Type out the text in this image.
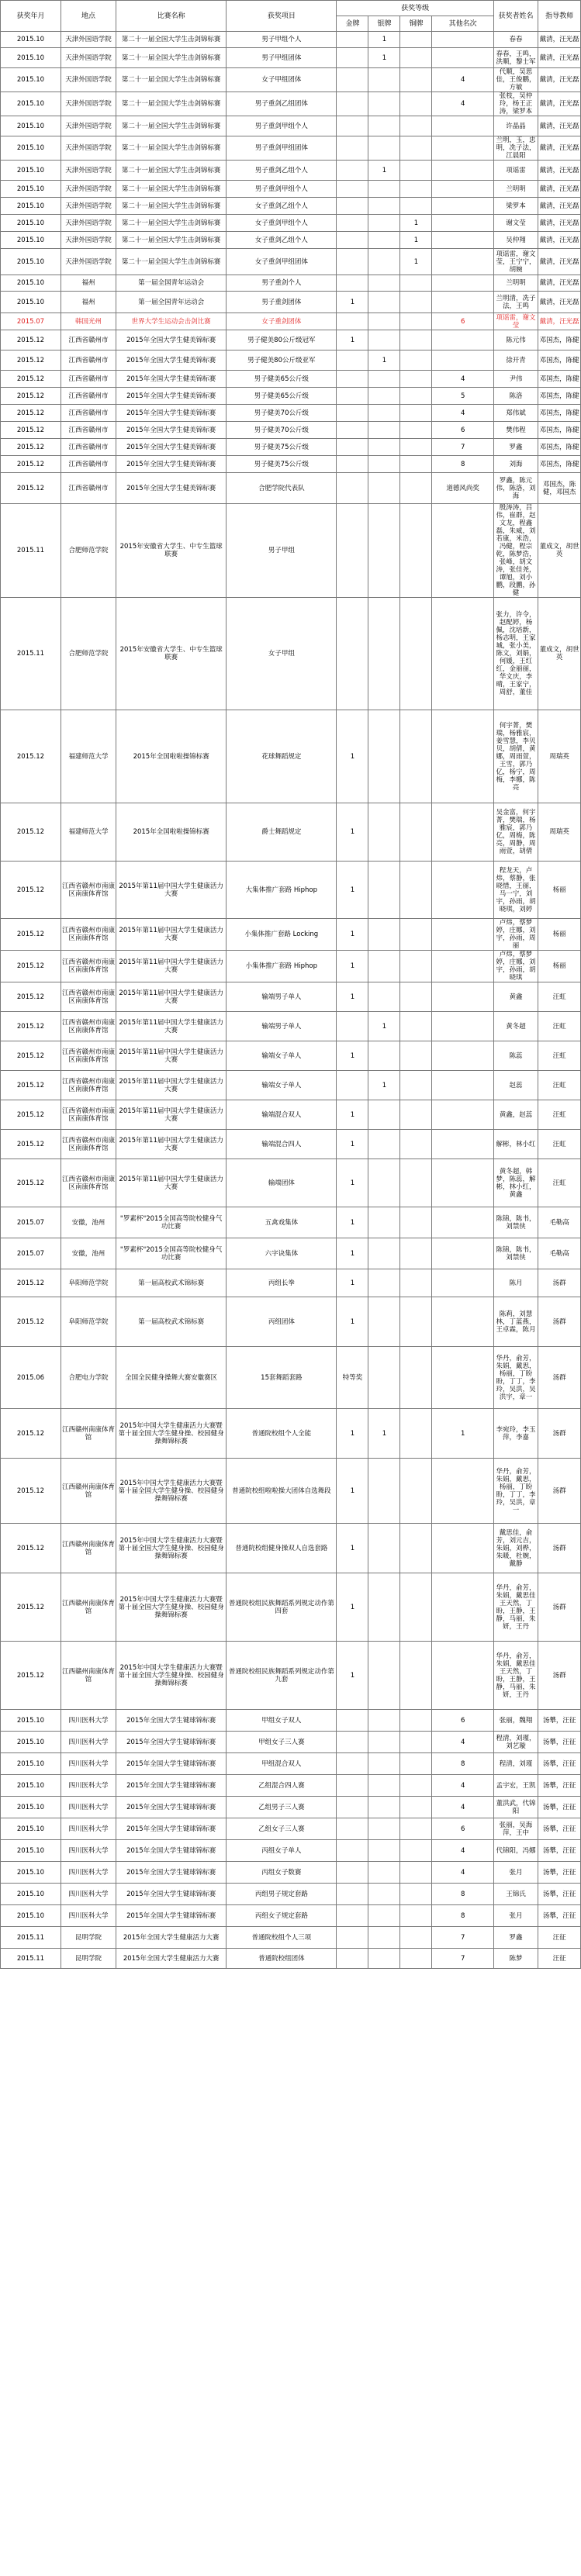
获奖年月	地点	比赛名称	获奖项目	获奖等级				获奖者姓名	指导教师
				金牌	银牌	铜牌	其他名次		
2015.10	天津外国语学院	第二十一届全国大学生击剑锦标赛	男子甲组个人		1			春春	戴清，汪光磊
2015.10	天津外国语学院	第二十一届全国大学生击剑锦标赛	男子甲组团体		1			春春，王鸣，洪顺，黎士军	戴清，汪光磊
2015.10	天津外国语学院	第二十一届全国大学生击剑锦标赛	女子甲组团体				4	代顺，吴思佳，王俊鹏，方敏	戴清，汪光磊
2015.10	天津外国语学院	第二十一届全国大学生击剑锦标赛	男子重剑乙组团体				4	张枝，吴仲玲，杨王正涛，梁罗本	戴清，汪光磊
2015.10	天津外国语学院	第二十一届全国大学生击剑锦标赛	男子重剑甲组个人					许晶晶	戴清，汪光磊
2015.10	天津外国语学院	第二十一届全国大学生击剑锦标赛	男子重剑甲组团体					兰明，玉，忠明，冼子法，江晨阳	戴清，汪光磊
2015.10	天津外国语学院	第二十一届全国大学生击剑锦标赛	男子重剑乙组个人		1			项谣雷	戴清，汪光磊
2015.10	天津外国语学院	第二十一届全国大学生击剑锦标赛	男子重剑甲组个人					兰明明	戴清，汪光磊
2015.10	天津外国语学院	第二十一届全国大学生击剑锦标赛	女子重剑乙组个人					梁罗本	戴清，汪光磊
2015.10	天津外国语学院	第二十一届全国大学生击剑锦标赛	女子重剑甲组个人			1		谢文莹	戴清，汪光磊
2015.10	天津外国语学院	第二十一届全国大学生击剑锦标赛	女子重剑乙组个人			1		吴仲翔	戴清，汪光磊
2015.10	天津外国语学院	第二十一届全国大学生击剑锦标赛	女子重剑甲组团体			1		项谣雷，谢文莹，王宁宁，胡婉	戴清，汪光磊
2015.10	福州	第一届全国青年运动会	男子重剑个人					兰明明	戴清，汪光磊
2015.10	福州	第一届全国青年运动会	男子重剑团体	1				兰明清，冼子法，王鸣	戴清，汪光磊
2015.07	韩国光州	世界大学生运动会击剑比赛	女子重剑团体				6	项谣雷，谢文莹	戴清，汪光磊
2015.12	江西省赣州市	2015年全国大学生健美锦标赛	男子健美80公斤级冠军	1				陈元伟	邓国杰，陈健
2015.12	江西省赣州市	2015年全国大学生健美锦标赛	男子健美80公斤级亚军		1			徐开青	邓国杰，陈健
2015.12	江西省赣州市	2015年全国大学生健美锦标赛	男子健美65公斤级				4	尹伟	邓国杰，陈健
2015.12	江西省赣州市	2015年全国大学生健美锦标赛	男子健美65公斤级				5	陈洛	邓国杰，陈健
2015.12	江西省赣州市	2015年全国大学生健美锦标赛	男子健美70公斤级				4	郑伟斌	邓国杰，陈健
2015.12	江西省赣州市	2015年全国大学生健美锦标赛	男子健美70公斤级				6	樊伟程	邓国杰，陈健
2015.12	江西省赣州市	2015年全国大学生健美锦标赛	男子健美75公斤级				7	罗鑫	邓国杰，陈健
2015.12	江西省赣州市	2015年全国大学生健美锦标赛	男子健美75公斤级				8	刘海	邓国杰，陈健
2015.12	江西省赣州市	2015年全国大学生健美锦标赛	合肥学院代表队				道德风尚奖	罗鑫，陈元伟，陈洛，刘海	邓国杰，陈健，邓国杰
2015.11	合肥师范学院	2015年安徽省大学生、中专生篮球联赛	男子甲组					殷涛涛，吕伟，崔群，赵文龙，程鑫磊，朱威，刘若康，米浩，冯健，程宗乾，陈梦浩，张峰，胡文涛，张佳尧，谭旭，刘小鹏，段鹏，孙健	董成文，胡世英
2015.11	合肥师范学院	2015年安徽省大学生、中专生篮球联赛	女子甲组					张力，许令，赵配婷，杨佩，沈培新，杨志明，王家城，张小美，陈文，刘娟，何媛，王红红，金丽丽，华文庆，李晴，王家宁，周舒，董佳	董成文，胡世英
2015.12	福建师范大学	2015年全国啦啦操锦标赛	花球舞蹈规定	1				何宇菁，樊瑞，杨雅宸，姜雪慧，李贝贝，胡倩，黄娜，周雨萱，王雪，郭乃亿，杨宁，周梅，李娜，陈亮	周瑞英
2015.12	福建师范大学	2015年全国啦啦操锦标赛	爵士舞蹈规定	1				吴金富，何宇菁，樊瑞，杨雅宸，郭乃亿，周梅，陈亮，周静，周雨萱，胡倩	周瑞英
2015.12	江西省赣州市南康区南康体育馆	2015年第11届中国大学生健康活力大赛	大集体推广套路 Hiphop	1				程龙天，卢炜，蔡静，张晓惜，王丽，马一宁，刘宇，孙雨，胡晓琪，刘婷	杨丽
2015.12	江西省赣州市南康区南康体育馆	2015年第11届中国大学生健康活力大赛	小集体推广套路 Locking	1				卢炜，蔡梦婷，庄娜，刘宇，孙雨，周丽	杨丽
2015.12	江西省赣州市南康区南康体育馆	2015年第11届中国大学生健康活力大赛	小集体推广套路 Hiphop	1				卢炜，蔡梦婷，庄娜，刘宇，孙雨，胡晓琪	杨丽
2015.12	江西省赣州市南康区南康体育馆	2015年第11届中国大学生健康活力大赛	输端男子单人	1				黄鑫	汪虹
2015.12	江西省赣州市南康区南康体育馆	2015年第11届中国大学生健康活力大赛	输端男子单人		1			黄冬超	汪虹
2015.12	江西省赣州市南康区南康体育馆	2015年第11届中国大学生健康活力大赛	输端女子单人	1				陈蕊	汪虹
2015.12	江西省赣州市南康区南康体育馆	2015年第11届中国大学生健康活力大赛	输端女子单人		1			赵蕊	汪虹
2015.12	江西省赣州市南康区南康体育馆	2015年第11届中国大学生健康活力大赛	输端混合双人	1				黄鑫，赵蕊	汪虹
2015.12	江西省赣州市南康区南康体育馆	2015年第11届中国大学生健康活力大赛	输端混合四人	1				解彬，林小红	汪虹
2015.12	江西省赣州市南康区南康体育馆	2015年第11届中国大学生健康活力大赛	输端团体	1				黄冬超，韩梦，陈蕊，解彬，林小红，黄鑫	汪虹
2015.07	安徽，池州	"罗素杯"2015全国高等院校健身气功比赛	五禽戏集体	1				陈锦，陈书，刘禁侠	毛勒高
2015.07	安徽，池州	"罗素杯"2015全国高等院校健身气功比赛	六字诀集体	1				陈锦，陈书，刘禁侠	毛勒高
2015.12	阜阳师范学院	第一届高校武术锦标赛	丙组长拳	1				陈月	汤群
2015.12	阜阳师范学院	第一届高校武术锦标赛	丙组团体	1				陈莉，刘慧林，丁蓝燕，王卓霖，陈月	汤群
2015.06	合肥电力学院	全国全民健身操舞大赛安徽赛区	15套舞蹈套路	特等奖				华丹，俞芳，朱娟，戴思，杨丽，丁盼盼，丁丁，李玲，吴洪，吴洪宇，章一	汤群
2015.12	江西赣州南康体育馆	2015年中国大学生健康活力大赛暨第十届全国大学生健身操、校园健身操舞锦标赛	普通院校组个人全能	1	1		1	李宛玲，李玉萍，李嘉	汤群
2015.12	江西赣州南康体育馆	2015年中国大学生健康活力大赛暨第十届全国大学生健身操、校园健身操舞锦标赛	普通院校组啦啦操大团体自选舞段	1				华丹，俞芳，朱娟，戴思，杨丽，丁盼盼，丁丁，李玲，吴洪，章一	汤群
2015.12	江西赣州南康体育馆	2015年中国大学生健康活力大赛暨第十届全国大学生健身操、校园健身操舞锦标赛	普通院校组健身操双人自选套路	1				戴思佳，俞芳，刘元吉，朱娟，刘桦，朱暖，杜婉，戴静	汤群
2015.12	江西赣州南康体育馆	2015年中国大学生健康活力大赛暨第十届全国大学生健身操、校园健身操舞锦标赛	普通院校组民族舞蹈系列规定动作第四套	1				华丹，俞芳，朱娟，戴思佳王天然，丁盼，王静，王静，马丽，朱妍，王丹	汤群
2015.12	江西赣州南康体育馆	2015年中国大学生健康活力大赛暨第十届全国大学生健身操、校园健身操舞锦标赛	普通院校组民族舞蹈系列规定动作第九套	1				华丹，俞芳，朱娟，戴思佳王天然，丁盼，王静，王静，马丽，朱妍，王丹	汤群
2015.10	四川医科大学	2015年全国大学生键球锦标赛	甲组女子双人				6	张丽，魏翔	汤攀，汪征
2015.10	四川医科大学	2015年全国大学生键球锦标赛	甲组女子三人赛				4	程清，刘瑾，刘艺璇	汤攀，汪征
2015.10	四川医科大学	2015年全国大学生键球锦标赛	甲组混合双人				8	程清，刘瑾	汤攀，汪征
2015.10	四川医科大学	2015年全国大学生键球锦标赛	乙组混合四人赛				4	孟宇宏，王凯	汤攀，汪征
2015.10	四川医科大学	2015年全国大学生键球锦标赛	乙组男子三人赛				4	董洪武，代锦阳	汤攀，汪征
2015.10	四川医科大学	2015年全国大学生键球锦标赛	乙组女子三人赛				6	张丽，吴海萍，王中	汤攀，汪征
2015.10	四川医科大学	2015年全国大学生键球锦标赛	丙组女子单人				4	代锦阳，冯娜	汤攀，汪征
2015.10	四川医科大学	2015年全国大学生键球锦标赛	丙组女子数赛				4	张月	汤攀，汪征
2015.10	四川医科大学	2015年全国大学生键球锦标赛	丙组男子规定套路				8	王锦氏	汤攀，汪征
2015.10	四川医科大学	2015年全国大学生键球锦标赛	丙组女子规定套路				8	张月	汤攀，汪征
2015.11	昆明学院	2015年全国大学生健康活力大赛	普通院校组个人三项				7	罗鑫	汪征
2015.11	昆明学院	2015年全国大学生健康活力大赛	普通院校组团体				7	陈梦	汪征
